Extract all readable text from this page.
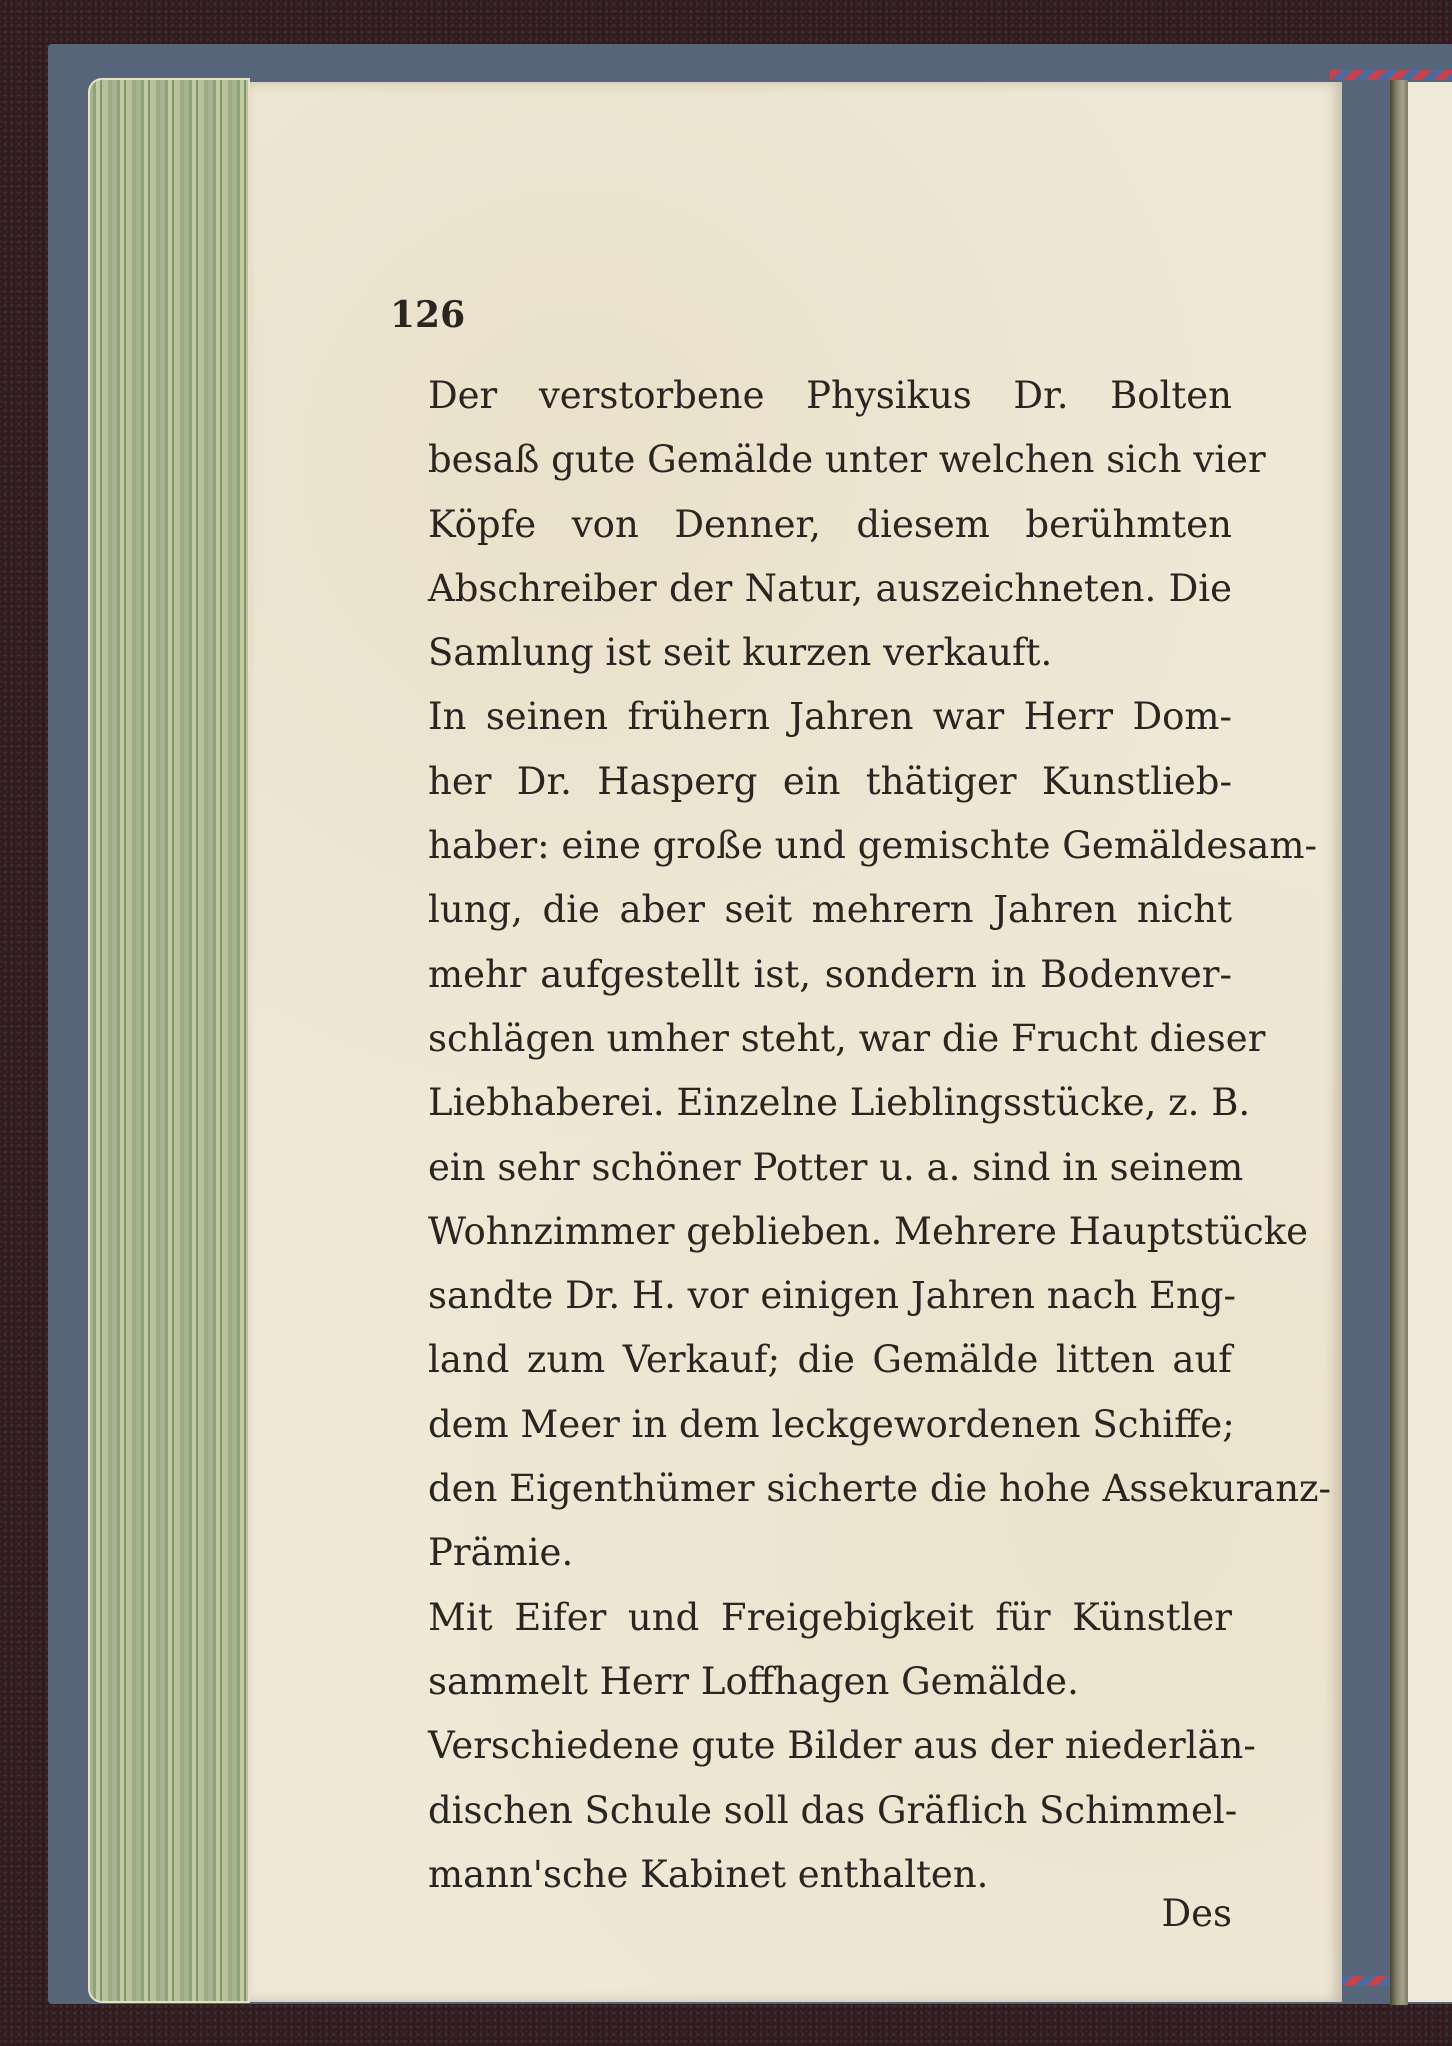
126

Der verstorbene Physikus Dr. Bolten
besaß gute Gemälde unter welchen sich vier
Köpfe von Denner, diesem berühmten
Abschreiber der Natur, auszeichneten. Die
Samlung ist seit kurzen verkauft.

In seinen frühern Jahren war Herr Dom-
her Dr. Hasperg ein thätiger Kunstlieb-
haber: eine große und gemischte Gemäldesam-
lung, die aber seit mehrern Jahren nicht
mehr aufgestellt ist, sondern in Bodenver-
schlägen umher steht, war die Frucht dieser
Liebhaberei. Einzelne Lieblingsstücke, z. B.
ein sehr schöner Potter u. a. sind in seinem
Wohnzimmer geblieben. Mehrere Hauptstücke
sandte Dr. H. vor einigen Jahren nach Eng-
land zum Verkauf; die Gemälde litten auf
dem Meer in dem leckgewordenen Schiffe;
den Eigenthümer sicherte die hohe Assekuranz-
Prämie.

Mit Eifer und Freigebigkeit für Künstler
sammelt Herr Loffhagen Gemälde.

Verschiedene gute Bilder aus der niederlän-
dischen Schule soll das Gräflich Schimmel-
mann'sche Kabinet enthalten.

Des
